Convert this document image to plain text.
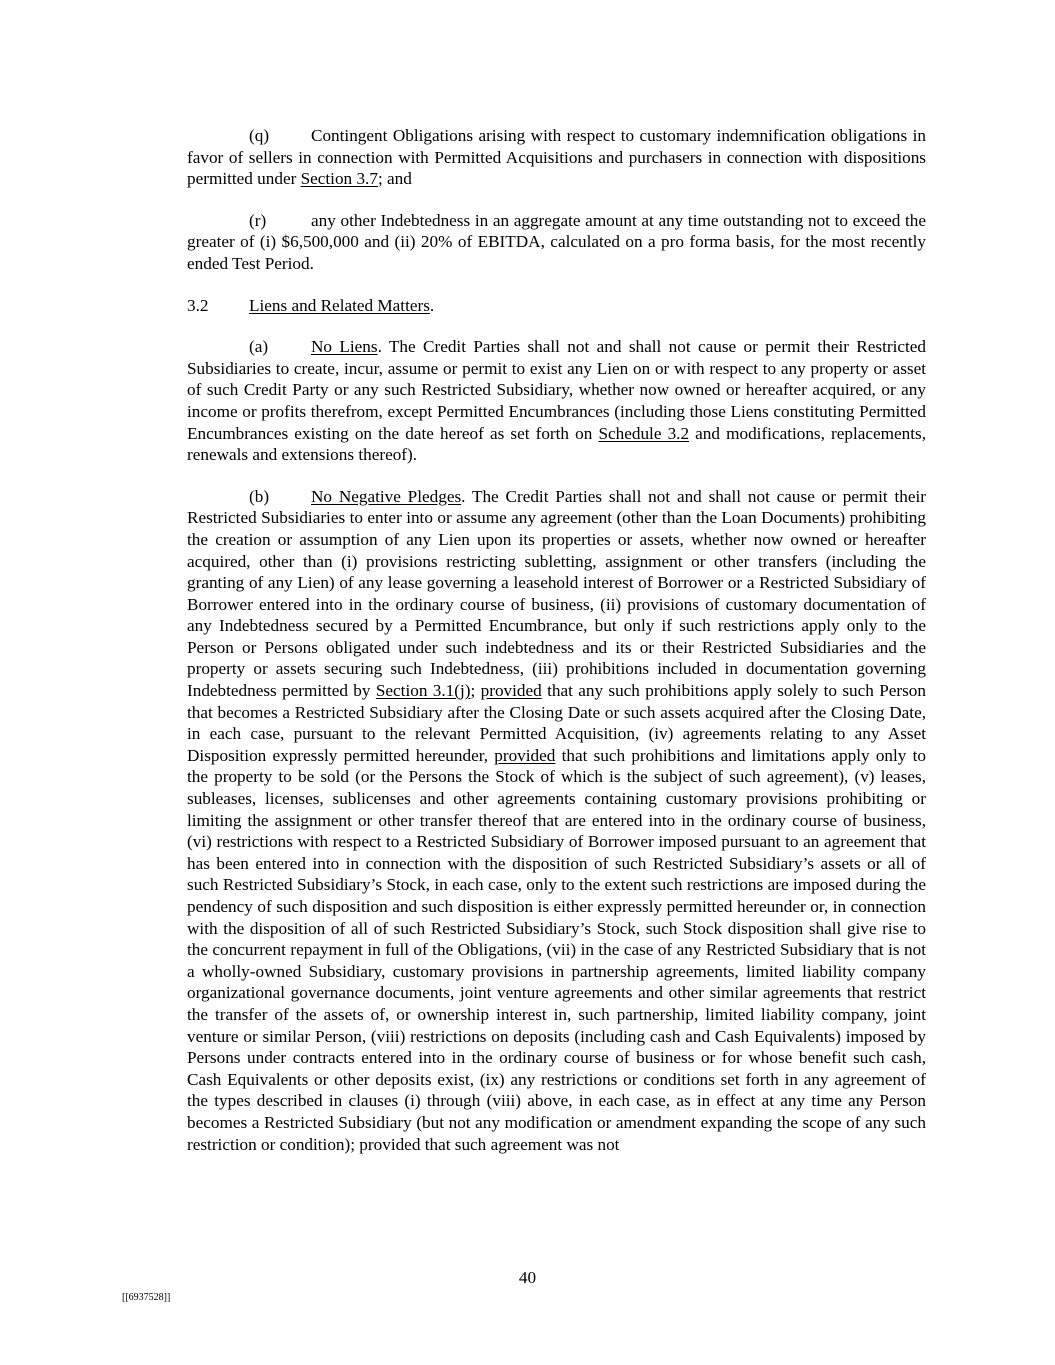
(q) Contingent Obligations arising with respect to customary indemnification obligations in favor of sellers in connection with Permitted Acquisitions and purchasers in connection with dispositions permitted under Section 3.7; and

(r)	any other Indebtedness in an aggregate amount at any time outstanding not to exceed the greater of (i) $6,500,000 and (ii) 20% of EBITDA, calculated on a pro forma basis, for the most recently ended Test Period.

3.2 Liens and Related Matters.

(a) No Liens. The Credit Parties shall not and shall not cause or permit their Restricted Subsidiaries to create, incur, assume or permit to exist any Lien on or with respect to any property or asset of such Credit Party or any such Restricted Subsidiary, whether now owned or hereafter acquired, or any income or profits therefrom, except Permitted Encumbrances (including those Liens constituting Permitted Encumbrances existing on the date hereof as set forth on Schedule 3.2 and modifications, replacements, renewals and extensions thereof).

(b) No Negative Pledges. The Credit Parties shall not and shall not cause or permit their Restricted Subsidiaries to enter into or assume any agreement (other than the Loan Documents) prohibiting the creation or assumption of any Lien upon its properties or assets, whether now owned or hereafter acquired, other than (i) provisions restricting subletting, assignment or other transfers (including the granting of any Lien) of any lease governing a leasehold interest of Borrower or a Restricted Subsidiary of Borrower entered into in the ordinary course of business, (ii) provisions of customary documentation of any Indebtedness secured by a Permitted Encumbrance, but only if such restrictions apply only to the Person or Persons obligated under such indebtedness and its or their Restricted Subsidiaries and the property or assets securing such Indebtedness, (iii) prohibitions included in documentation governing Indebtedness permitted by Section 3.1(j); provided that any such prohibitions apply solely to such Person that becomes a Restricted Subsidiary after the Closing Date or such assets acquired after the Closing Date, in each case, pursuant to the relevant Permitted Acquisition, (iv) agreements relating to any Asset Disposition expressly permitted hereunder, provided that such prohibitions and limitations apply only to the property to be sold (or the Persons the Stock of which is the subject of such agreement), (v) leases, subleases, licenses, sublicenses and other agreements containing customary provisions prohibiting or limiting the assignment or other transfer thereof that are entered into in the ordinary course of business, (vi) restrictions with respect to a Restricted Subsidiary of Borrower imposed pursuant to an agreement that has been entered into in connection with the disposition of such Restricted Subsidiary’s assets or all of such Restricted Subsidiary’s Stock, in each case, only to the extent such restrictions are imposed during the pendency of such disposition and such disposition is either expressly permitted hereunder or, in connection with the disposition of all of such Restricted Subsidiary’s Stock, such Stock disposition shall give rise to the concurrent repayment in full of the Obligations, (vii) in the case of any Restricted Subsidiary that is not a wholly-owned Subsidiary, customary provisions in partnership agreements, limited liability company organizational governance documents, joint venture agreements and other similar agreements that restrict the transfer of the assets of, or ownership interest in, such partnership, limited liability company, joint venture or similar Person, (viii) restrictions on deposits (including cash and Cash Equivalents) imposed by Persons under contracts entered into in the ordinary course of business or for whose benefit such cash, Cash Equivalents or other deposits exist, (ix) any restrictions or conditions set forth in any agreement of the types described in clauses (i) through (viii) above, in each case, as in effect at any time any Person becomes a Restricted Subsidiary (but not any modification or amendment expanding the scope of any such restriction or condition); provided that such agreement was not

40
[[6937528]]
